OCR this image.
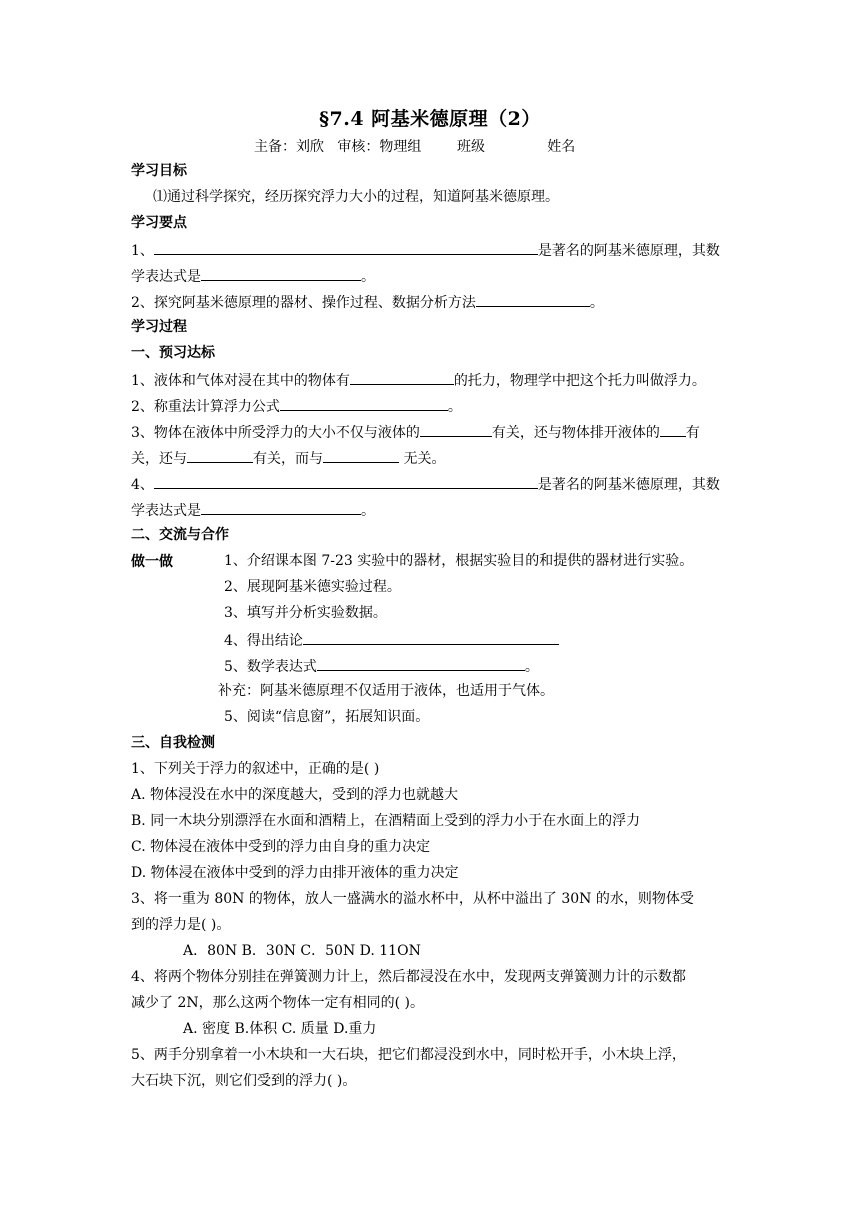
§7.4 阿基米德原理（2）
主备：刘欣   审核：物理组        班级              姓名
学习目标
⑴通过科学探究，经历探究浮力大小的过程，知道阿基米德原理。
学习要点
1、	是著名的阿基米德原理，其数
学表达式是	。
2、探究阿基米德原理的器材、操作过程、数据分析方法	。
学习过程
一、预习达标
1、液体和气体对浸在其中的物体有	的托力，物理学中把这个托力叫做浮力。
2、称重法计算浮力公式	。
3、物体在液体中所受浮力的大小不仅与液体的	有关，还与物体排开液体的 有
关，还与	有关，而与	无关。
4、	是著名的阿基米德原理，其数
学表达式是	。
二、交流与合作
做一做	1、介绍课本图 7-23 实验中的器材，根据实验目的和提供的器材进行实验。
2、展现阿基米德实验过程。
3、填写并分析实验数据。
4、得出结论
5、数学表达式	。
补充：阿基米德原理不仅适用于液体，也适用于气体。
5、阅读“信息窗”，拓展知识面。
三、自我检测
1、下列关于浮力的叙述中，正确的是( )
A. 物体浸没在水中的深度越大，受到的浮力也就越大
B. 同一木块分别漂浮在水面和酒精上，在酒精面上受到的浮力小于在水面上的浮力
C. 物体浸在液体中受到的浮力由自身的重力决定
D. 物体浸在液体中受到的浮力由排开液体的重力决定
3、将一重为 80N 的物体，放人一盛满水的溢水杯中，从杯中溢出了 30N 的水，则物体受
到的浮力是( )。
A．80N B．30N C．50N D. 11ON
4、将两个物体分别挂在弹簧测力计上，然后都浸没在水中，发现两支弹簧测力计的示数都
减少了 2N，那么这两个物体一定有相同的( )。
A. 密度 B.体积 C. 质量 D.重力
5、两手分别拿着一小木块和一大石块，把它们都浸没到水中，同时松开手，小木块上浮，
大石块下沉，则它们受到的浮力( )。
